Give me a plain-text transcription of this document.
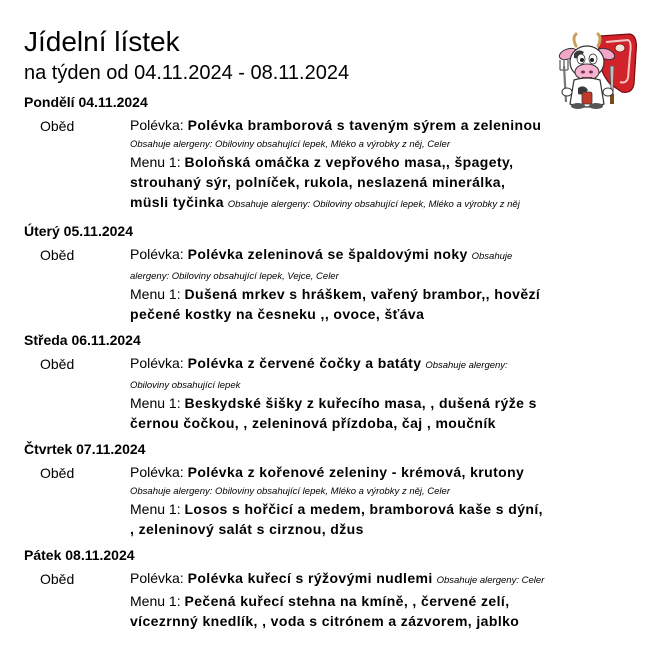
Jídelní lístek
na týden od 04.11.2024 - 08.11.2024
Pondělí 04.11.2024
Oběd	Polévka: Polévka bramborová s taveným sýrem a zeleninou
Obsahuje alergeny: Obiloviny obsahující lepek, Mléko a výrobky z něj, Celer
Menu 1: Boloňská omáčka z vepřového masa,, špagety,
strouhaný sýr, polníček, rukola, neslazená minerálka,
müsli tyčinka Obsahuje alergeny: Obiloviny obsahující lepek, Mléko a výrobky z něj
Úterý 05.11.2024
Oběd	Polévka: Polévka zeleninová se špaldovými noky Obsahuje
alergeny: Obiloviny obsahující lepek, Vejce, Celer
Menu 1: Dušená mrkev s hráškem, vařený brambor,, hovězí
pečené kostky na česneku ,, ovoce, šťáva
Středa 06.11.2024
Oběd	Polévka: Polévka z červené čočky a batáty Obsahuje alergeny:
Obiloviny obsahující lepek
Menu 1: Beskydské šišky z kuřecího masa, , dušená rýže s
černou čočkou, , zeleninová přízdoba, čaj , moučník
Čtvrtek 07.11.2024
Oběd	Polévka: Polévka z kořenové zeleniny - krémová, krutony
Obsahuje alergeny: Obiloviny obsahující lepek, Mléko a výrobky z něj, Celer
Menu 1: Losos s hořčicí a medem, bramborová kaše s dýní,
, zeleninový salát s cirznou, džus
Pátek 08.11.2024
Oběd	Polévka: Polévka kuřecí s rýžovými nudlemi Obsahuje alergeny: Celer
Menu 1: Pečená kuřecí stehna na kmíně, , červené zelí,
vícezrnný knedlík, , voda s citrónem a zázvorem, jablko
